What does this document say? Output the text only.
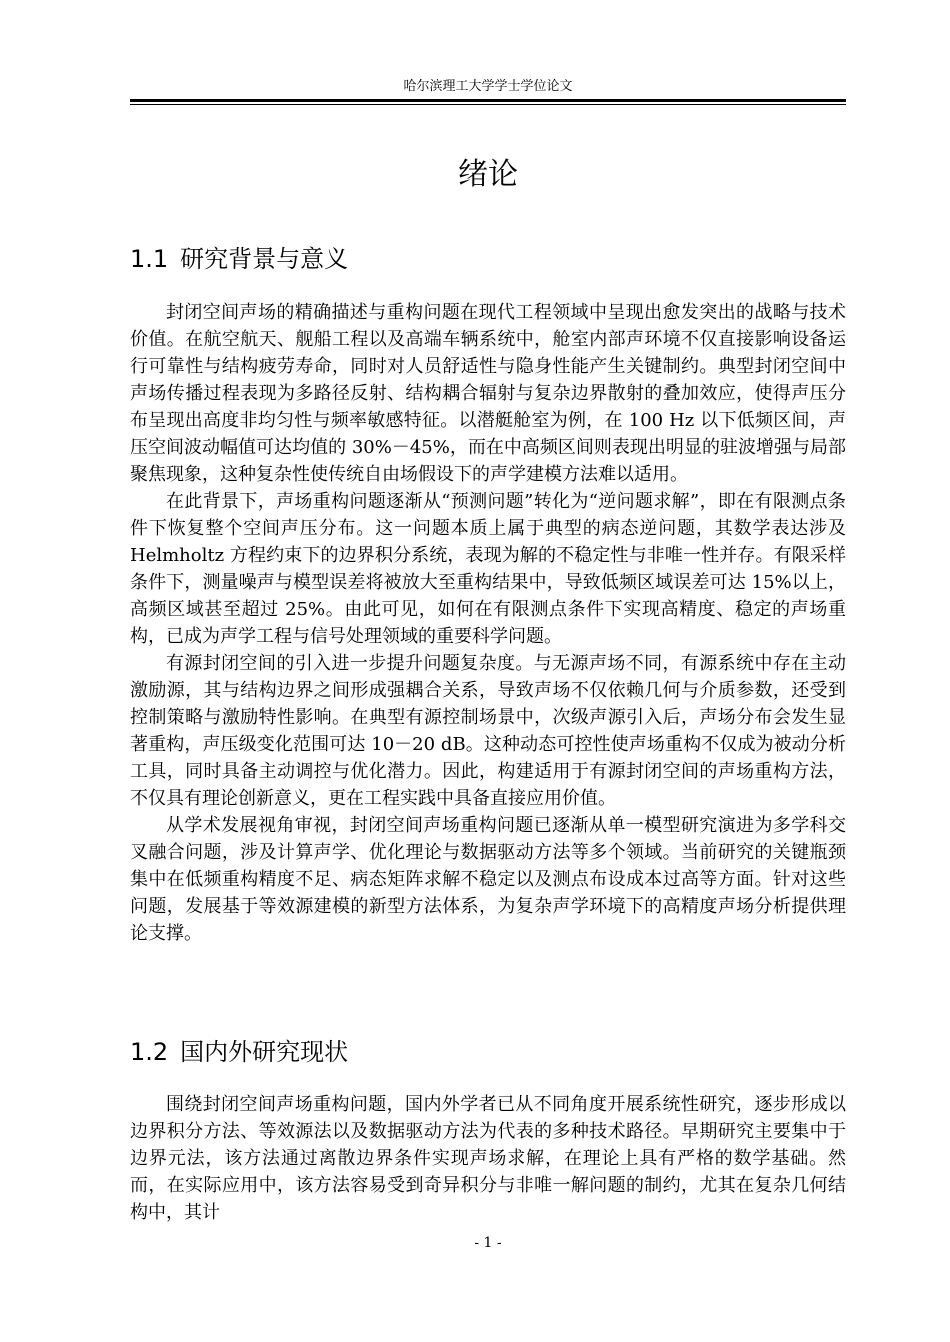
哈尔滨理工大学学士学位论文
绪论
1.1 研究背景与意义

封闭空间声场的精确描述与重构问题在现代工程领域中呈现出愈发突出的战略与技术价值。在航空航天、舰船工程以及高端车辆系统中，舱室内部声环境不仅直接影响设备运行可靠性与结构疲劳寿命，同时对人员舒适性与隐身性能产生关键制约。典型封闭空间中声场传播过程表现为多路径反射、结构耦合辐射与复杂边界散射的叠加效应，使得声压分布呈现出高度非均匀性与频率敏感特征。以潜艇舱室为例，在 100 Hz 以下低频区间，声压空间波动幅值可达均值的 30%－45%，而在中高频区间则表现出明显的驻波增强与局部聚焦现象，这种复杂性使传统自由场假设下的声学建模方法难以适用。

在此背景下，声场重构问题逐渐从“预测问题”转化为“逆问题求解”，即在有限测点条件下恢复整个空间声压分布。这一问题本质上属于典型的病态逆问题，其数学表达涉及 Helmholtz 方程约束下的边界积分系统，表现为解的不稳定性与非唯一性并存。有限采样条件下，测量噪声与模型误差将被放大至重构结果中，导致低频区域误差可达 15%以上，高频区域甚至超过 25%。由此可见，如何在有限测点条件下实现高精度、稳定的声场重构，已成为声学工程与信号处理领域的重要科学问题。

有源封闭空间的引入进一步提升问题复杂度。与无源声场不同，有源系统中存在主动激励源，其与结构边界之间形成强耦合关系，导致声场不仅依赖几何与介质参数，还受到控制策略与激励特性影响。在典型有源控制场景中，次级声源引入后，声场分布会发生显著重构，声压级变化范围可达 10－20 dB。这种动态可控性使声场重构不仅成为被动分析工具，同时具备主动调控与优化潜力。因此，构建适用于有源封闭空间的声场重构方法，不仅具有理论创新意义，更在工程实践中具备直接应用价值。

从学术发展视角审视，封闭空间声场重构问题已逐渐从单一模型研究演进为多学科交叉融合问题，涉及计算声学、优化理论与数据驱动方法等多个领域。当前研究的关键瓶颈集中在低频重构精度不足、病态矩阵求解不稳定以及测点布设成本过高等方面。针对这些问题，发展基于等效源建模的新型方法体系，为复杂声学环境下的高精度声场分析提供理论支撑。

1.2 国内外研究现状

围绕封闭空间声场重构问题，国内外学者已从不同角度开展系统性研究，逐步形成以边界积分方法、等效源法以及数据驱动方法为代表的多种技术路径。早期研究主要集中于边界元法，该方法通过离散边界条件实现声场求解，在理论上具有严格的数学基础。然而，在实际应用中，该方法容易受到奇异积分与非唯一解问题的制约，尤其在复杂几何结构中，其计

- 1 -
